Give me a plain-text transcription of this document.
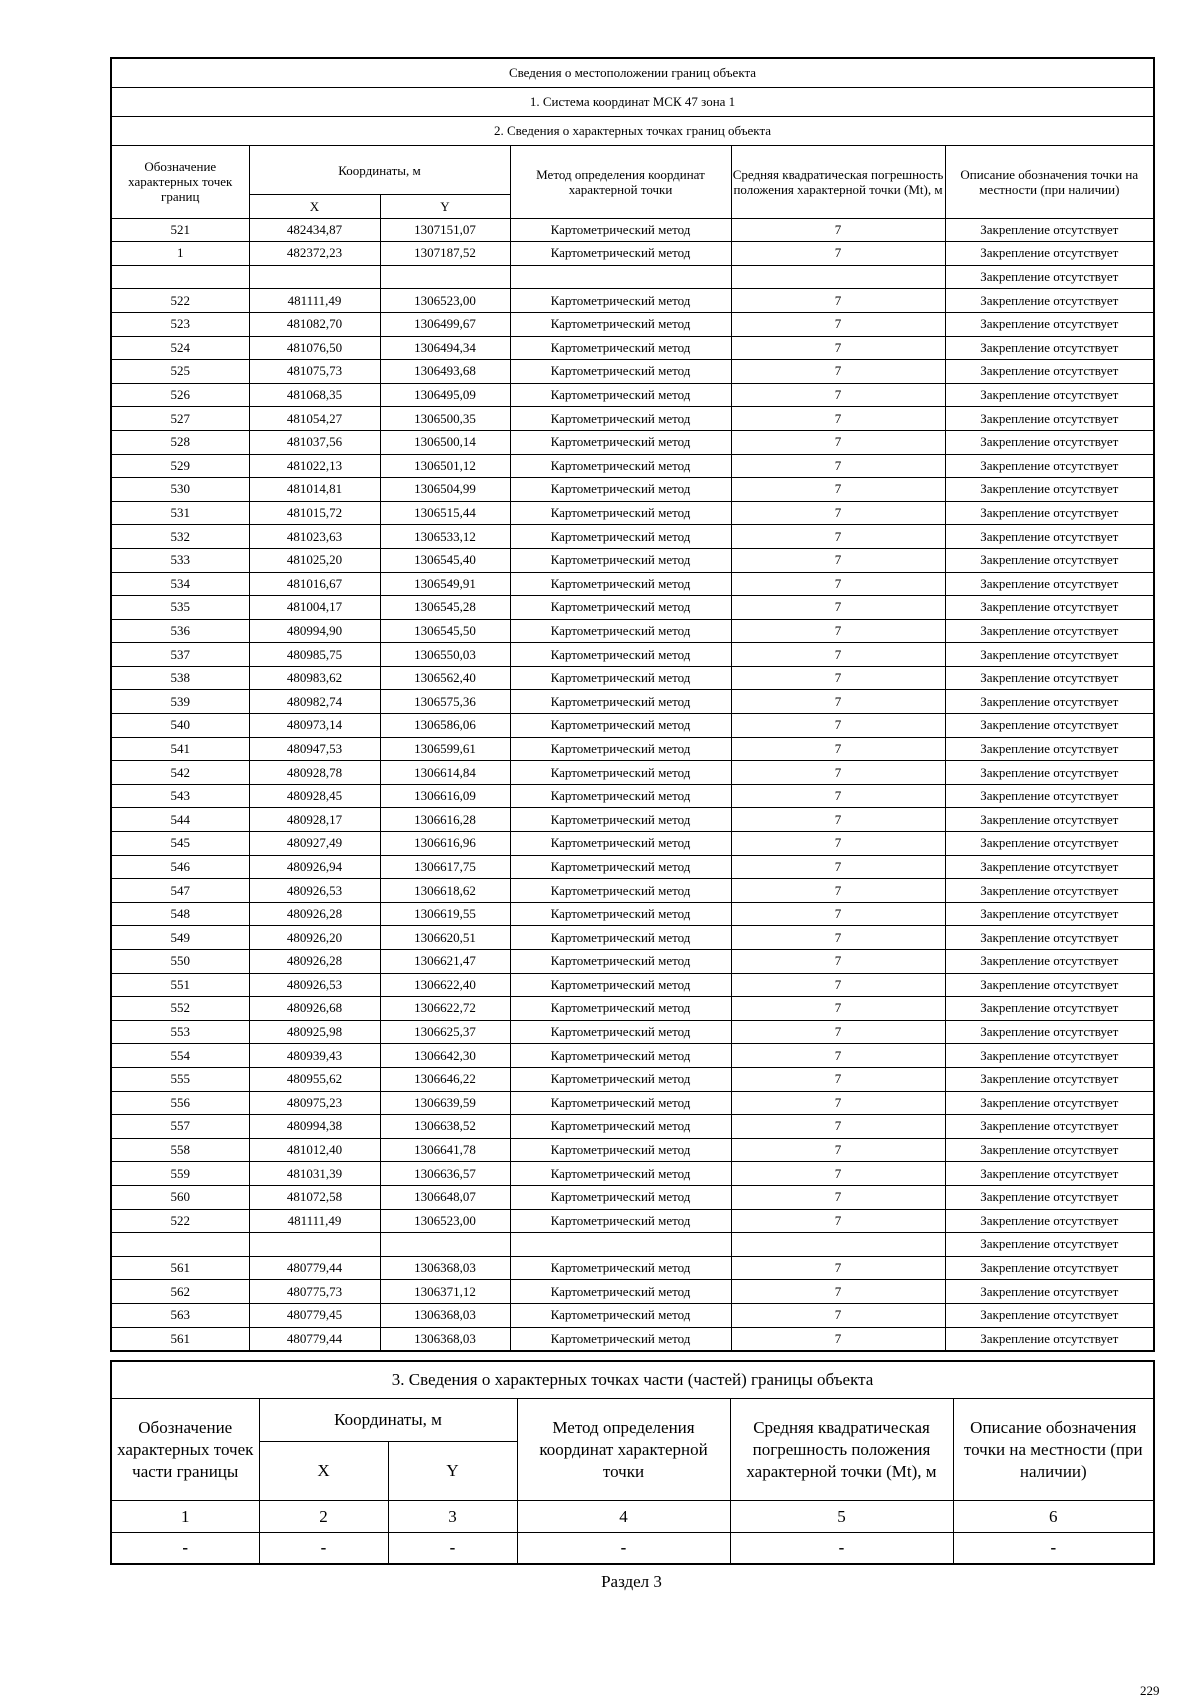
Сведения о местоположении границ объекта					
1. Система координат МСК 47 зона 1					
2. Сведения о характерных точках границ объекта					
Обозначение характерных точек границ	Координаты, м		Метод определения координат характерной точки	Средняя квадратическая погрешность положения характерной точки (Mt), м	Описание обозначения точки на местности (при наличии)
	X	Y			
521	482434,87	1307151,07	Картометрический метод	7	Закрепление отсутствует
1	482372,23	1307187,52	Картометрический метод	7	Закрепление отсутствует
					Закрепление отсутствует
522	481111,49	1306523,00	Картометрический метод	7	Закрепление отсутствует
523	481082,70	1306499,67	Картометрический метод	7	Закрепление отсутствует
524	481076,50	1306494,34	Картометрический метод	7	Закрепление отсутствует
525	481075,73	1306493,68	Картометрический метод	7	Закрепление отсутствует
526	481068,35	1306495,09	Картометрический метод	7	Закрепление отсутствует
527	481054,27	1306500,35	Картометрический метод	7	Закрепление отсутствует
528	481037,56	1306500,14	Картометрический метод	7	Закрепление отсутствует
529	481022,13	1306501,12	Картометрический метод	7	Закрепление отсутствует
530	481014,81	1306504,99	Картометрический метод	7	Закрепление отсутствует
531	481015,72	1306515,44	Картометрический метод	7	Закрепление отсутствует
532	481023,63	1306533,12	Картометрический метод	7	Закрепление отсутствует
533	481025,20	1306545,40	Картометрический метод	7	Закрепление отсутствует
534	481016,67	1306549,91	Картометрический метод	7	Закрепление отсутствует
535	481004,17	1306545,28	Картометрический метод	7	Закрепление отсутствует
536	480994,90	1306545,50	Картометрический метод	7	Закрепление отсутствует
537	480985,75	1306550,03	Картометрический метод	7	Закрепление отсутствует
538	480983,62	1306562,40	Картометрический метод	7	Закрепление отсутствует
539	480982,74	1306575,36	Картометрический метод	7	Закрепление отсутствует
540	480973,14	1306586,06	Картометрический метод	7	Закрепление отсутствует
541	480947,53	1306599,61	Картометрический метод	7	Закрепление отсутствует
542	480928,78	1306614,84	Картометрический метод	7	Закрепление отсутствует
543	480928,45	1306616,09	Картометрический метод	7	Закрепление отсутствует
544	480928,17	1306616,28	Картометрический метод	7	Закрепление отсутствует
545	480927,49	1306616,96	Картометрический метод	7	Закрепление отсутствует
546	480926,94	1306617,75	Картометрический метод	7	Закрепление отсутствует
547	480926,53	1306618,62	Картометрический метод	7	Закрепление отсутствует
548	480926,28	1306619,55	Картометрический метод	7	Закрепление отсутствует
549	480926,20	1306620,51	Картометрический метод	7	Закрепление отсутствует
550	480926,28	1306621,47	Картометрический метод	7	Закрепление отсутствует
551	480926,53	1306622,40	Картометрический метод	7	Закрепление отсутствует
552	480926,68	1306622,72	Картометрический метод	7	Закрепление отсутствует
553	480925,98	1306625,37	Картометрический метод	7	Закрепление отсутствует
554	480939,43	1306642,30	Картометрический метод	7	Закрепление отсутствует
555	480955,62	1306646,22	Картометрический метод	7	Закрепление отсутствует
556	480975,23	1306639,59	Картометрический метод	7	Закрепление отсутствует
557	480994,38	1306638,52	Картометрический метод	7	Закрепление отсутствует
558	481012,40	1306641,78	Картометрический метод	7	Закрепление отсутствует
559	481031,39	1306636,57	Картометрический метод	7	Закрепление отсутствует
560	481072,58	1306648,07	Картометрический метод	7	Закрепление отсутствует
522	481111,49	1306523,00	Картометрический метод	7	Закрепление отсутствует
					Закрепление отсутствует
561	480779,44	1306368,03	Картометрический метод	7	Закрепление отсутствует
562	480775,73	1306371,12	Картометрический метод	7	Закрепление отсутствует
563	480779,45	1306368,03	Картометрический метод	7	Закрепление отсутствует
561	480779,44	1306368,03	Картометрический метод	7	Закрепление отсутствует
3. Сведения о характерных точках части (частей) границы объекта					
Обозначение характерных точек части границы	Координаты, м		Метод определения координат характерной точки	Средняя квадратическая погрешность положения характерной точки (Mt), м	Описание обозначения точки на местности (при наличии)
	X	Y			
1	2	3	4	5	6
-	-	-	-	-	-
Раздел 3
229
